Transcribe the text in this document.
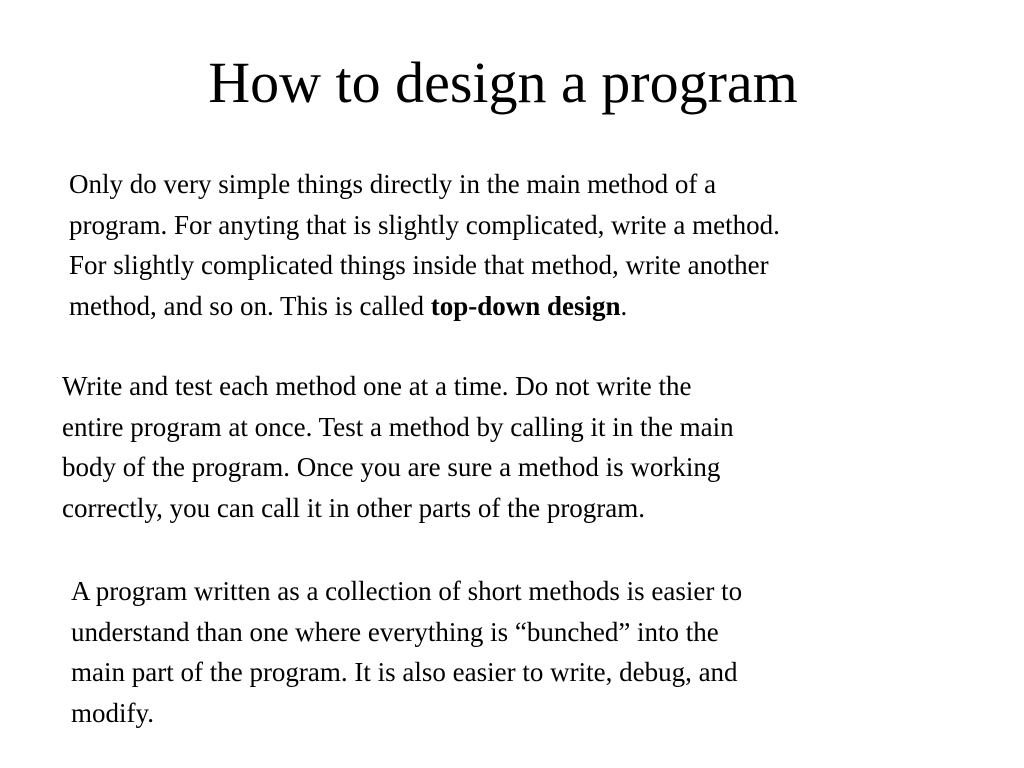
How to design a program

Only do very simple things directly in the main method of a
program. For anyting that is slightly complicated, write a method.
For slightly complicated things inside that method, write another
method, and so on. This is called top-down design.

Write and test each method one at a time. Do not write the
entire program at once. Test a method by calling it in the main
body of the program. Once you are sure a method is working
correctly, you can call it in other parts of the program.

A program written as a collection of short methods is easier to
understand than one where everything is “bunched” into the
main part of the program. It is also easier to write, debug, and
modify.
